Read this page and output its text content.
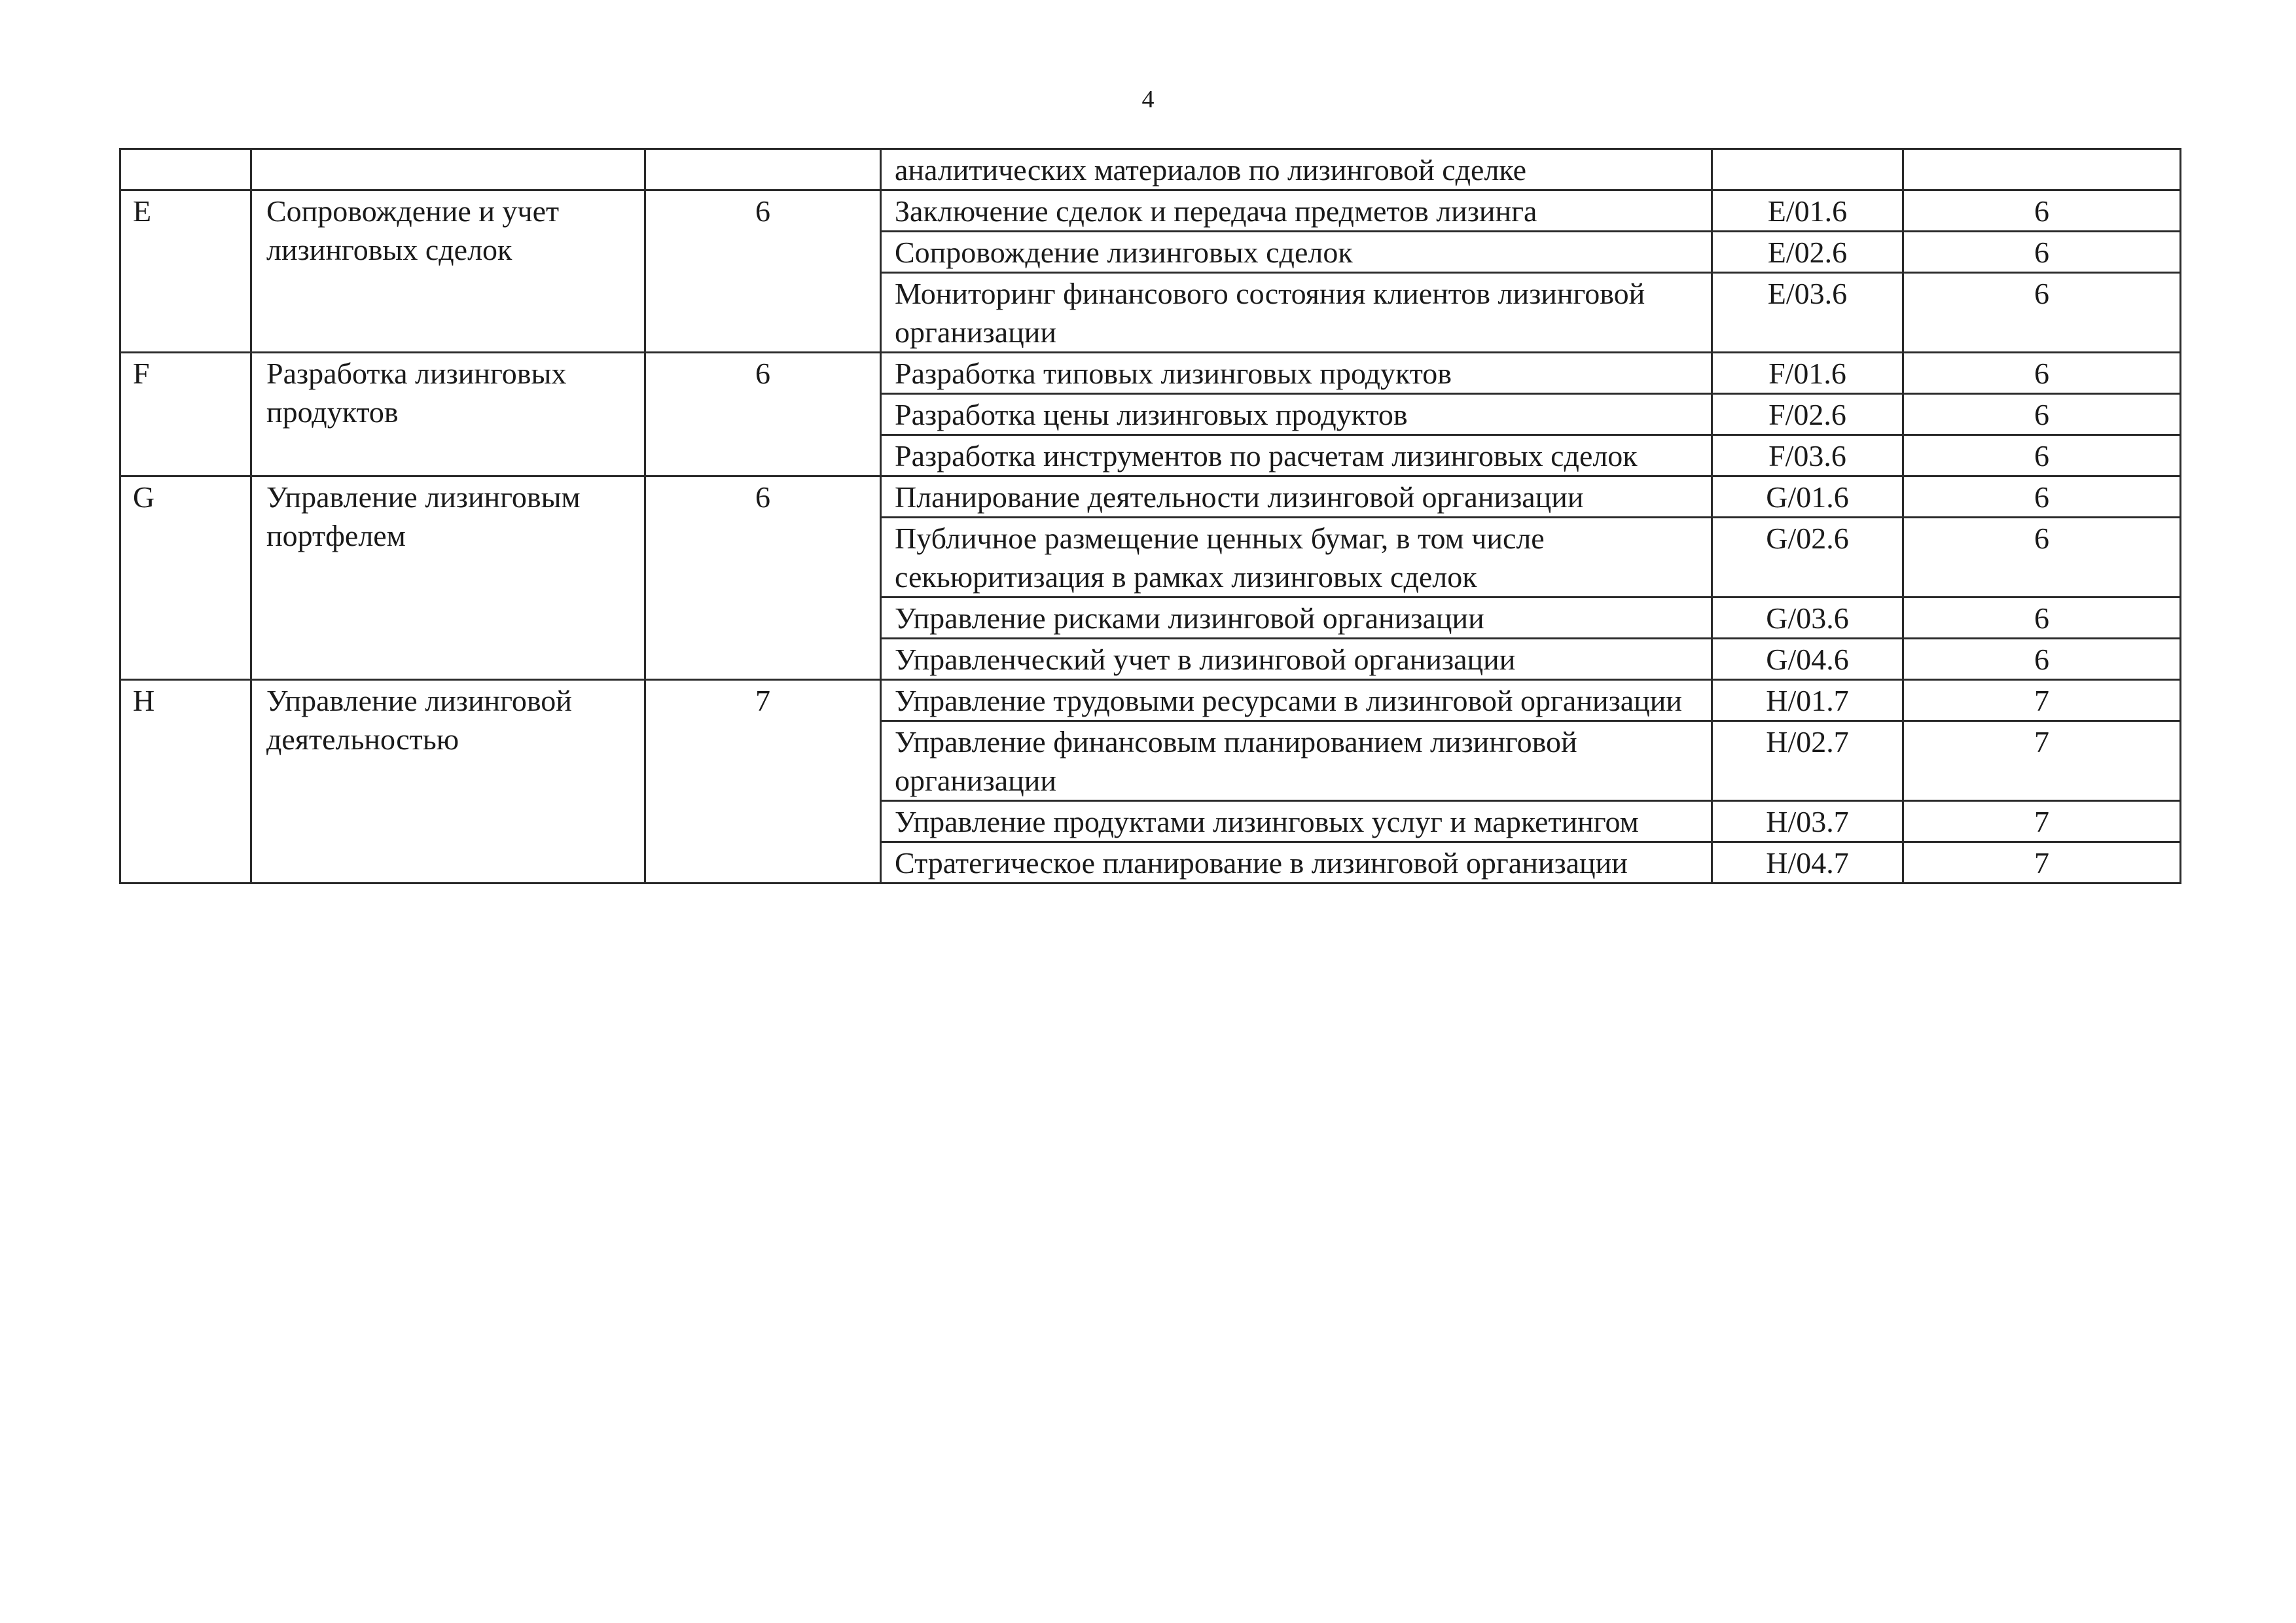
4
			аналитических материалов по лизинговой сделке		
E	Сопровождение и учет лизинговых сделок	6	Заключение сделок и передача предметов лизинга	E/01.6	6
			Сопровождение лизинговых сделок	E/02.6	6
			Мониторинг финансового состояния клиентов лизинговой организации	E/03.6	6
F	Разработка лизинговых продуктов	6	Разработка типовых лизинговых продуктов	F/01.6	6
			Разработка цены лизинговых продуктов	F/02.6	6
			Разработка инструментов по расчетам лизинговых сделок	F/03.6	6
G	Управление лизинговым портфелем	6	Планирование деятельности лизинговой организации	G/01.6	6
			Публичное размещение ценных бумаг, в том числе секьюритизация в рамках лизинговых сделок	G/02.6	6
			Управление рисками лизинговой организации	G/03.6	6
			Управленческий учет в лизинговой организации	G/04.6	6
H	Управление лизинговой деятельностью	7	Управление трудовыми ресурсами в лизинговой организации	H/01.7	7
			Управление финансовым планированием лизинговой организации	H/02.7	7
			Управление продуктами лизинговых услуг и маркетингом	H/03.7	7
			Стратегическое планирование в лизинговой организации	H/04.7	7
